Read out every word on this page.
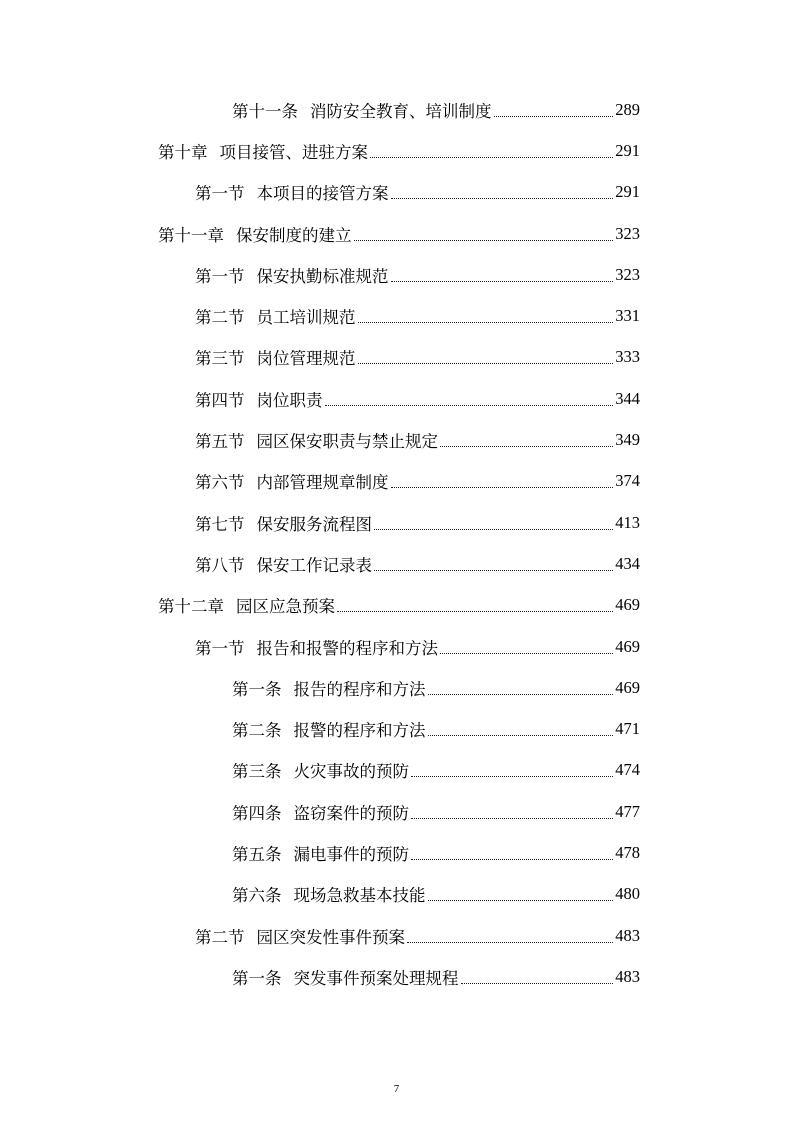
第十一条 消防安全教育、培训制度	289
第十章 项目接管、进驻方案	291
第一节 本项目的接管方案	291
第十一章 保安制度的建立	323
第一节 保安执勤标准规范	323
第二节 员工培训规范	331
第三节 岗位管理规范	333
第四节 岗位职责	344
第五节 园区保安职责与禁止规定	349
第六节 内部管理规章制度	374
第七节 保安服务流程图	413
第八节 保安工作记录表	434
第十二章 园区应急预案	469
第一节 报告和报警的程序和方法	469
第一条 报告的程序和方法	469
第二条 报警的程序和方法	471
第三条 火灾事故的预防	474
第四条 盗窃案件的预防	477
第五条 漏电事件的预防	478
第六条 现场急救基本技能	480
第二节 园区突发性事件预案	483
第一条 突发事件预案处理规程	483
7
